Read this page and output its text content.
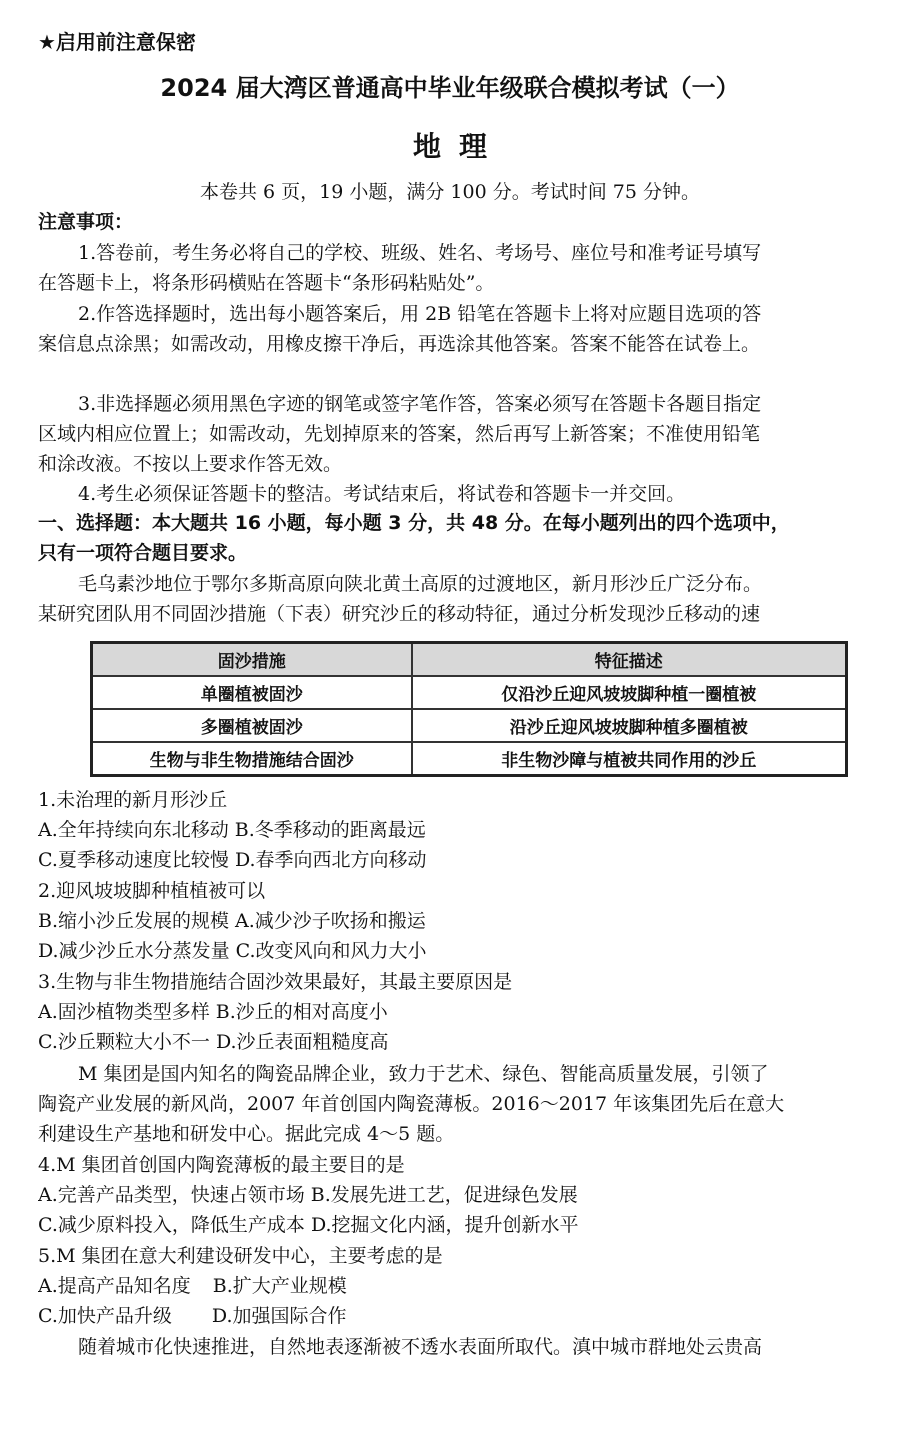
★启用前注意保密
2024 届大湾区普通高中毕业年级联合模拟考试（一）
地理
本卷共 6 页，19 小题，满分 100 分。考试时间 75 分钟。
注意事项：
1.答卷前，考生务必将自己的学校、班级、姓名、考场号、座位号和准考证号填写
在答题卡上，将条形码横贴在答题卡“条形码粘贴处”。
2.作答选择题时，选出每小题答案后，用 2B 铅笔在答题卡上将对应题目选项的答
案信息点涂黑；如需改动，用橡皮擦干净后，再选涂其他答案。答案不能答在试卷上。
3.非选择题必须用黑色字迹的钢笔或签字笔作答，答案必须写在答题卡各题目指定
区域内相应位置上；如需改动，先划掉原来的答案，然后再写上新答案；不准使用铅笔
和涂改液。不按以上要求作答无效。
4.考生必须保证答题卡的整洁。考试结束后，将试卷和答题卡一并交回。
一、选择题：本大题共 16 小题，每小题 3 分，共 48 分。在每小题列出的四个选项中，
只有一项符合题目要求。
毛乌素沙地位于鄂尔多斯高原向陕北黄土高原的过渡地区，新月形沙丘广泛分布。
某研究团队用不同固沙措施（下表）研究沙丘的移动特征，通过分析发现沙丘移动的速
固沙措施	特征描述
单圈植被固沙	仅沿沙丘迎风坡坡脚种植一圈植被
多圈植被固沙	沿沙丘迎风坡坡脚种植多圈植被
生物与非生物措施结合固沙	非生物沙障与植被共同作用的沙丘
1.未治理的新月形沙丘
A.全年持续向东北移动 B.冬季移动的距离最远
C.夏季移动速度比较慢 D.春季向西北方向移动
2.迎风坡坡脚种植植被可以
B.缩小沙丘发展的规模 A.减少沙子吹扬和搬运
D.减少沙丘水分蒸发量 C.改变风向和风力大小
3.生物与非生物措施结合固沙效果最好，其最主要原因是
A.固沙植物类型多样 B.沙丘的相对高度小
C.沙丘颗粒大小不一 D.沙丘表面粗糙度高
M 集团是国内知名的陶瓷品牌企业，致力于艺术、绿色、智能高质量发展，引领了
陶瓷产业发展的新风尚，2007 年首创国内陶瓷薄板。2016～2017 年该集团先后在意大
利建设生产基地和研发中心。据此完成 4～5 题。
4.M 集团首创国内陶瓷薄板的最主要目的是
A.完善产品类型，快速占领市场 B.发展先进工艺，促进绿色发展
C.减少原料投入，降低生产成本 D.挖掘文化内涵，提升创新水平
5.M 集团在意大利建设研发中心，主要考虑的是
A.提高产品知名度 B.扩大产业规模
C.加快产品升级 D.加强国际合作
随着城市化快速推进，自然地表逐渐被不透水表面所取代。滇中城市群地处云贵高
